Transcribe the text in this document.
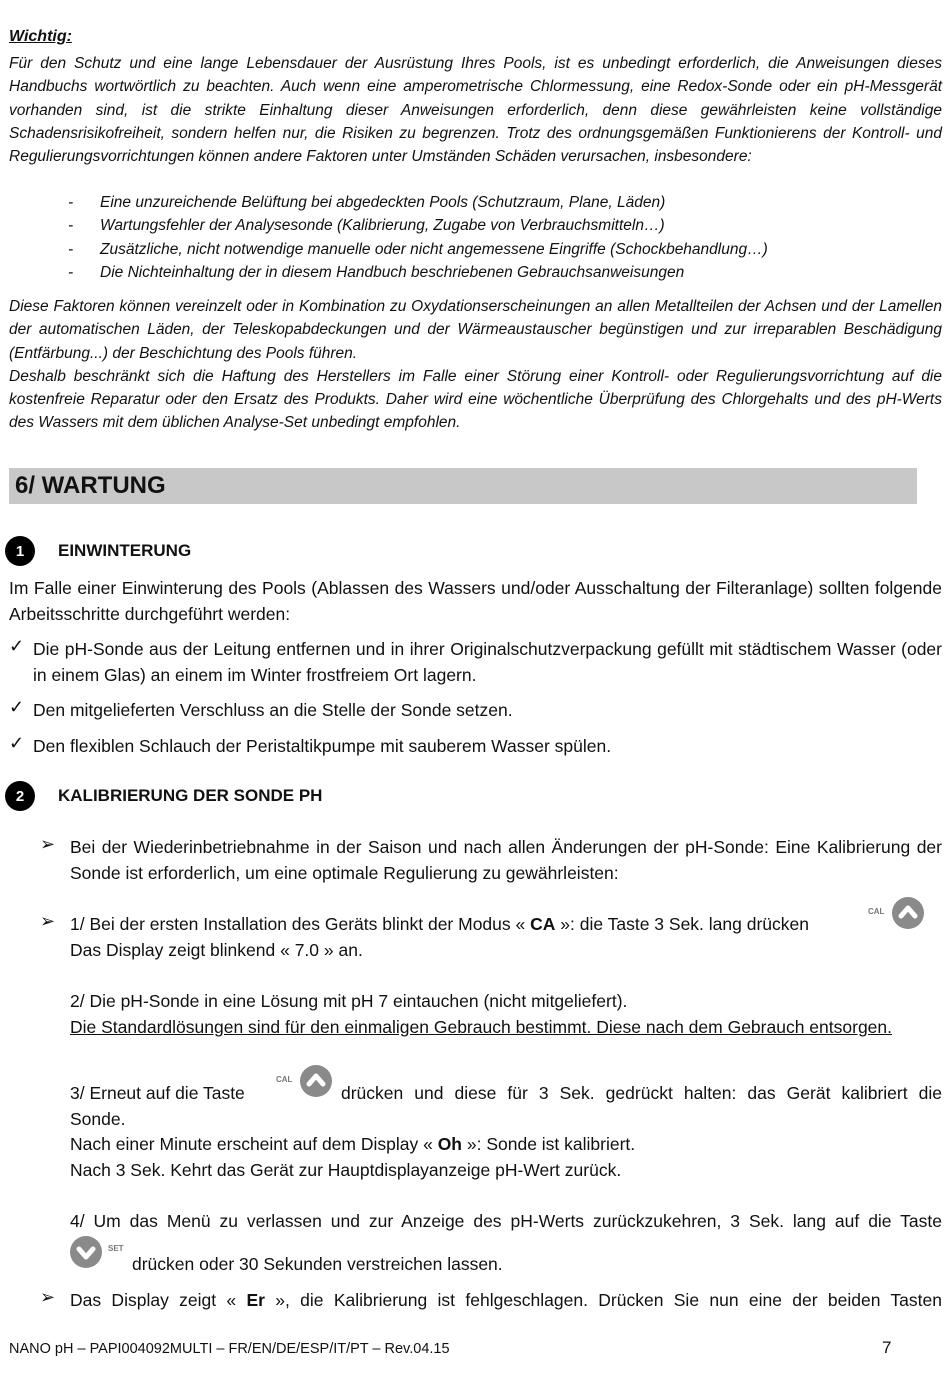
Wichtig:
Für den Schutz und eine lange Lebensdauer der Ausrüstung Ihres Pools, ist es unbedingt erforderlich, die Anweisungen dieses Handbuchs wortwörtlich zu beachten. Auch wenn eine amperometrische Chlormessung, eine Redox-Sonde oder ein pH-Messgerät vorhanden sind, ist die strikte Einhaltung dieser Anweisungen erforderlich, denn diese gewährleisten keine vollständige Schadensrisikofreiheit, sondern helfen nur, die Risiken zu begrenzen. Trotz des ordnungsgemäßen Funktionierens der Kontroll- und Regulierungsvorrichtungen können andere Faktoren unter Umständen Schäden verursachen, insbesondere:
-	Eine unzureichende Belüftung bei abgedeckten Pools (Schutzraum, Plane, Läden)
-	Wartungsfehler der Analysesonde (Kalibrierung, Zugabe von Verbrauchsmitteln…)
-	Zusätzliche, nicht notwendige manuelle oder nicht angemessene Eingriffe (Schockbehandlung…)
-	Die Nichteinhaltung der in diesem Handbuch beschriebenen Gebrauchsanweisungen
Diese Faktoren können vereinzelt oder in Kombination zu Oxydationserscheinungen an allen Metallteilen der Achsen und der Lamellen der automatischen Läden, der Teleskopabdeckungen und der Wärmeaustauscher begünstigen und zur irreparablen Beschädigung (Entfärbung...) der Beschichtung des Pools führen.
Deshalb beschränkt sich die Haftung des Herstellers im Falle einer Störung einer Kontroll- oder Regulierungsvorrichtung auf die kostenfreie Reparatur oder den Ersatz des Produkts. Daher wird eine wöchentliche Überprüfung des Chlorgehalts und des pH-Werts des Wassers mit dem üblichen Analyse-Set unbedingt empfohlen.
6/ WARTUNG
1	EINWINTERUNG
Im Falle einer Einwinterung des Pools (Ablassen des Wassers und/oder Ausschaltung der Filteranlage) sollten folgende Arbeitsschritte durchgeführt werden:
✓ Die pH-Sonde aus der Leitung entfernen und in ihrer Originalschutzverpackung gefüllt mit städtischem Wasser (oder in einem Glas) an einem im Winter frostfreiem Ort lagern.
✓ Den mitgelieferten Verschluss an die Stelle der Sonde setzen.
✓ Den flexiblen Schlauch der Peristaltikpumpe mit sauberem Wasser spülen.
2	KALIBRIERUNG DER SONDE PH
➢ Bei der Wiederinbetriebnahme in der Saison und nach allen Änderungen der pH-Sonde: Eine Kalibrierung der Sonde ist erforderlich, um eine optimale Regulierung zu gewährleisten:
➢ 1/ Bei der ersten Installation des Geräts blinkt der Modus « CA »: die Taste 3 Sek. lang drücken
CAL
Das Display zeigt blinkend « 7.0 » an.
2/ Die pH-Sonde in eine Lösung mit pH 7 eintauchen (nicht mitgeliefert).
Die Standardlösungen sind für den einmaligen Gebrauch bestimmt. Diese nach dem Gebrauch entsorgen.
3/ Erneut auf die Taste
CAL
drücken und diese für 3 Sek. gedrückt halten: das Gerät kalibriert die
Sonde.
Nach einer Minute erscheint auf dem Display « Oh »: Sonde ist kalibriert.
Nach 3 Sek. Kehrt das Gerät zur Hauptdisplayanzeige pH-Wert zurück.
4/ Um das Menü zu verlassen und zur Anzeige des pH-Werts zurückzukehren, 3 Sek. lang auf die Taste
SET
drücken oder 30 Sekunden verstreichen lassen.
➢ Das Display zeigt « Er », die Kalibrierung ist fehlgeschlagen. Drücken Sie nun eine der beiden Tasten
NANO pH – PAPI004092MULTI – FR/EN/DE/ESP/IT/PT – Rev.04.15	7
